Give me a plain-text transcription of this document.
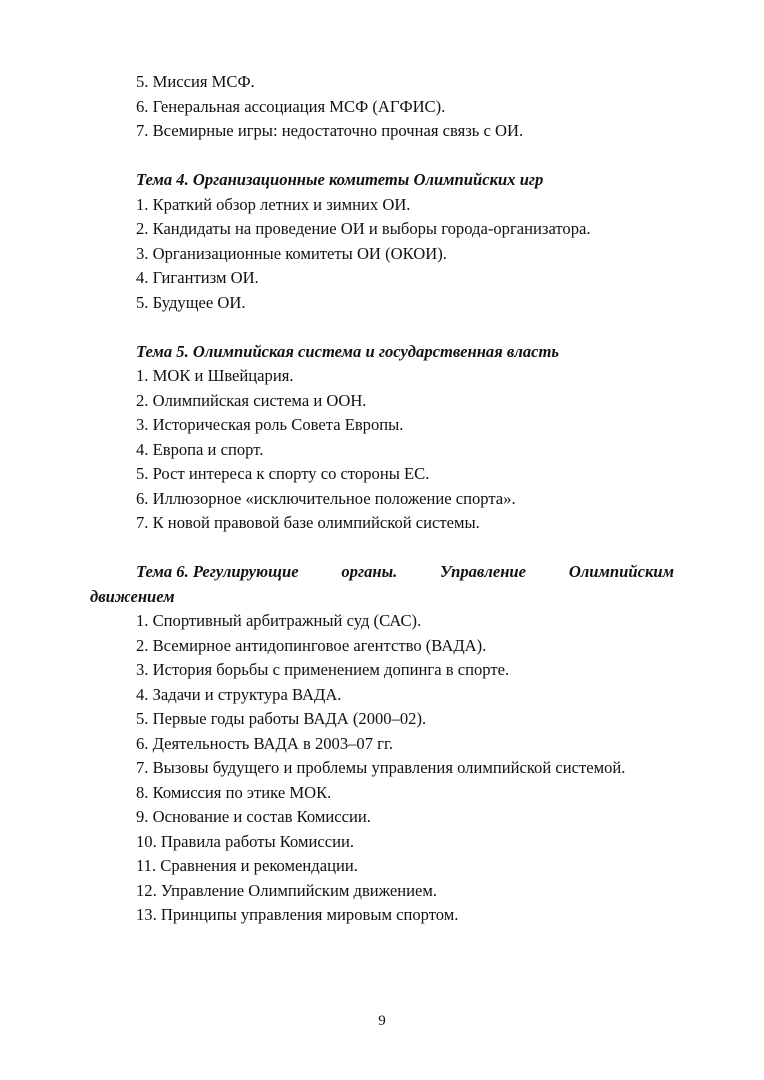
5. Миссия МСФ.
6. Генеральная ассоциация МСФ (АГФИС).
7. Всемирные игры: недостаточно прочная связь с ОИ.
Тема 4. Организационные комитеты Олимпийских игр
1. Краткий обзор летних и зимних ОИ.
2. Кандидаты на проведение ОИ и выборы города-организатора.
3. Организационные комитеты ОИ (ОКОИ).
4. Гигантизм ОИ.
5. Будущее ОИ.
Тема 5. Олимпийская система и государственная власть
1. МОК и Швейцария.
2. Олимпийская система и ООН.
3. Историческая роль Совета Европы.
4. Европа и спорт.
5. Рост интереса к спорту со стороны ЕС.
6. Иллюзорное «исключительное положение спорта».
7. К новой правовой базе олимпийской системы.
Тема 6. Регулирующие	органы.	Управление	Олимпийским
движением
1. Спортивный арбитражный суд (САС).
2. Всемирное антидопинговое агентство (ВАДА).
3. История борьбы с применением допинга в спорте.
4. Задачи и структура ВАДА.
5. Первые годы работы ВАДА (2000–02).
6. Деятельность ВАДА в 2003–07 гг.
7. Вызовы будущего и проблемы управления олимпийской системой.
8. Комиссия по этике МОК.
9. Основание и состав Комиссии.
10. Правила работы Комиссии.
11. Сравнения и рекомендации.
12. Управление Олимпийским движением.
13. Принципы управления мировым спортом.
9
